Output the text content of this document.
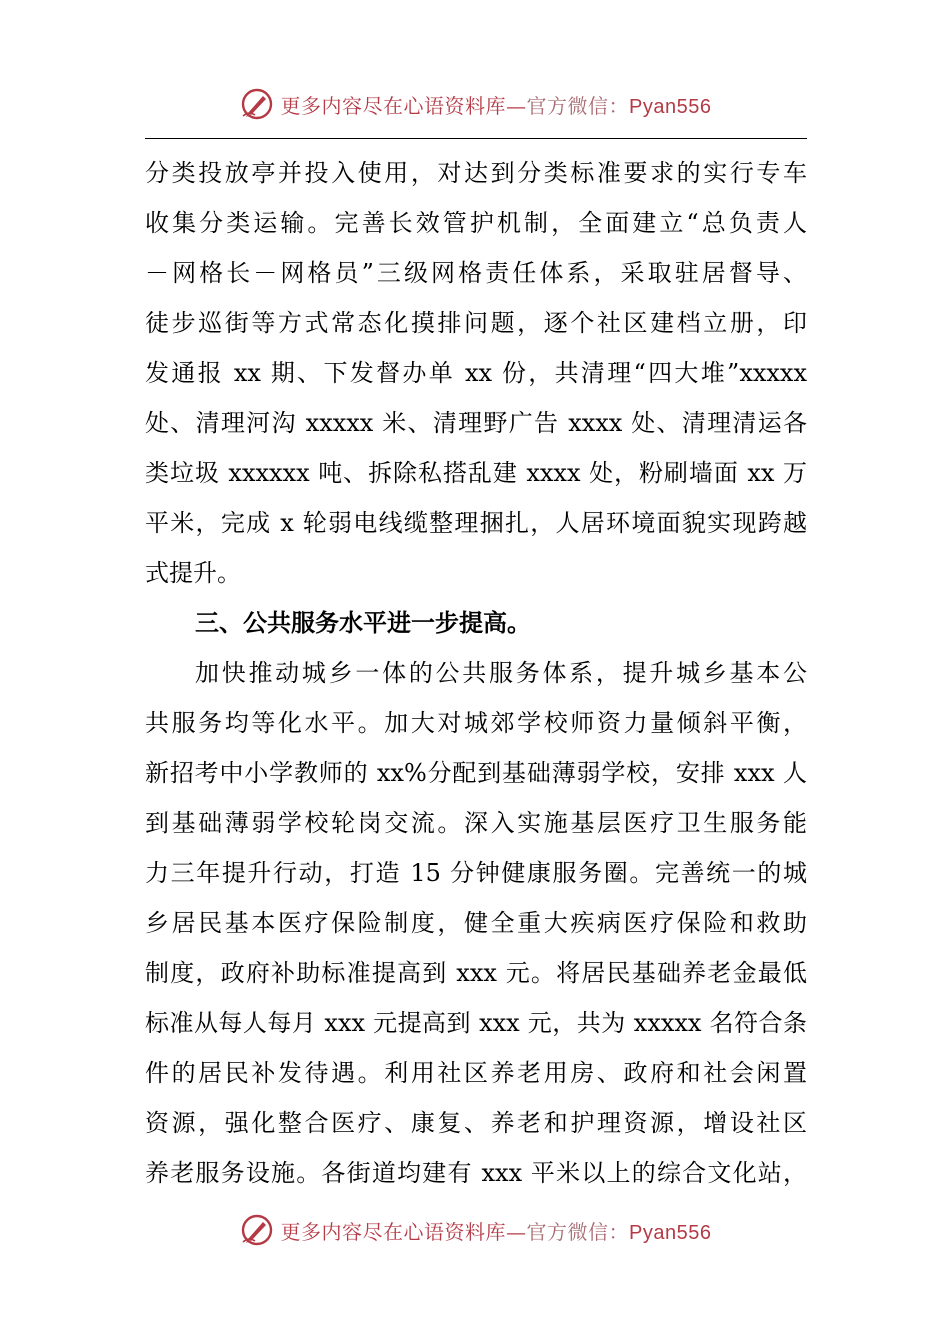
更多内容尽在心语资料库—官方微信：Pyan556
分类投放亭并投入使用，对达到分类标准要求的实行专车
收集分类运输。完善长效管护机制，全面建立“总负责人
－网格长－网格员”三级网格责任体系，采取驻居督导、
徒步巡街等方式常态化摸排问题，逐个社区建档立册，印
发通报 xx 期、下发督办单 xx 份，共清理“四大堆”xxxxx
处、清理河沟 xxxxx 米、清理野广告 xxxx 处、清理清运各
类垃圾 xxxxxx 吨、拆除私搭乱建 xxxx 处，粉刷墙面 xx 万
平米，完成 x 轮弱电线缆整理捆扎，人居环境面貌实现跨越
式提升。
三、公共服务水平进一步提高。
加快推动城乡一体的公共服务体系，提升城乡基本公
共服务均等化水平。加大对城郊学校师资力量倾斜平衡，
新招考中小学教师的 xx%分配到基础薄弱学校，安排 xxx 人
到基础薄弱学校轮岗交流。深入实施基层医疗卫生服务能
力三年提升行动，打造 15 分钟健康服务圈。完善统一的城
乡居民基本医疗保险制度，健全重大疾病医疗保险和救助
制度，政府补助标准提高到 xxx 元。将居民基础养老金最低
标准从每人每月 xxx 元提高到 xxx 元，共为 xxxxx 名符合条
件的居民补发待遇。利用社区养老用房、政府和社会闲置
资源，强化整合医疗、康复、养老和护理资源，增设社区
养老服务设施。各街道均建有 xxx 平米以上的综合文化站，
更多内容尽在心语资料库—官方微信：Pyan556
